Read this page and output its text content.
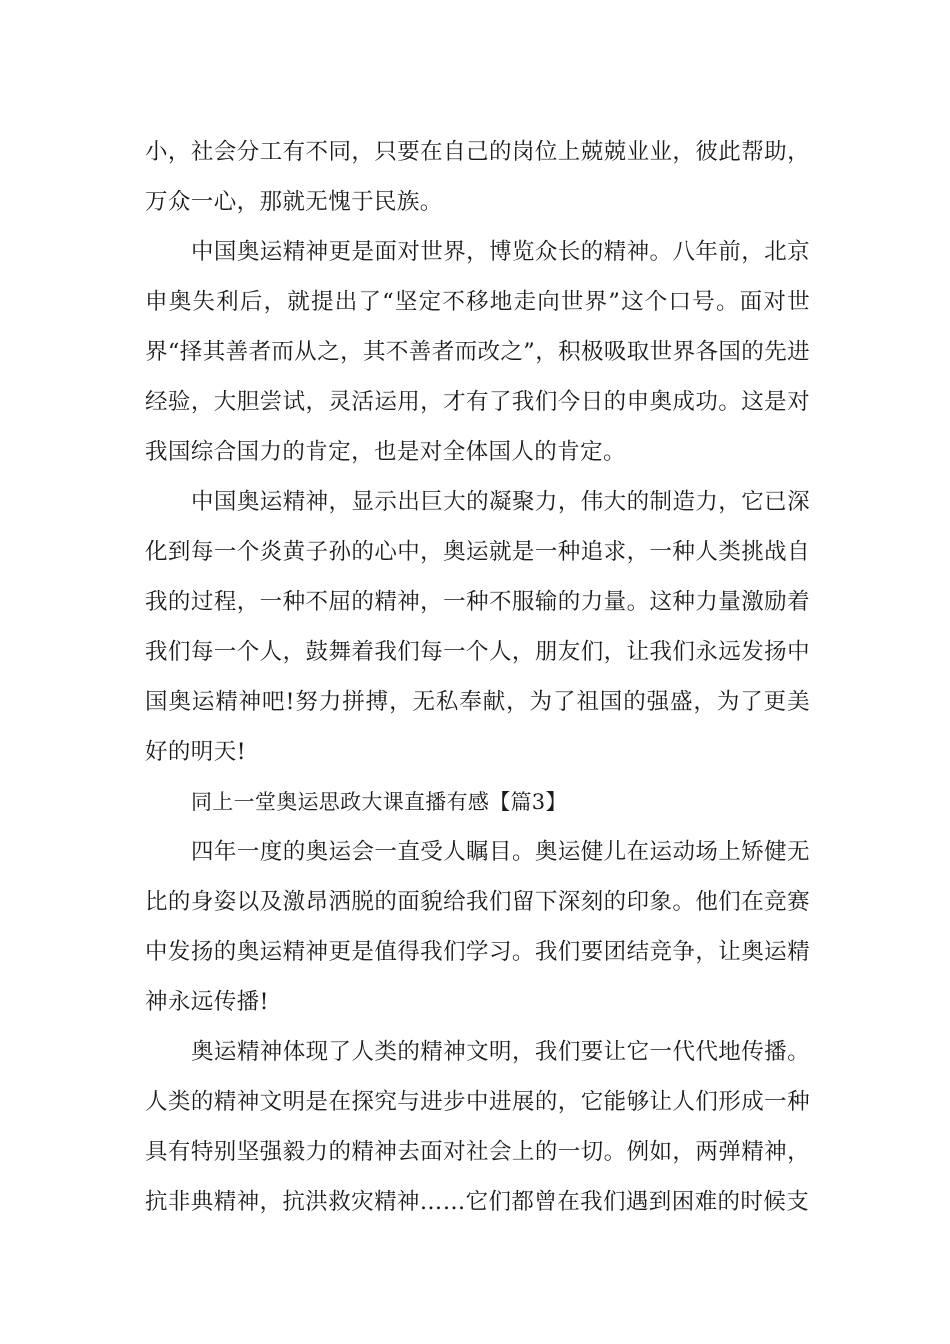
小，社会分工有不同，只要在自己的岗位上兢兢业业，彼此帮助，万众一心，那就无愧于民族。

中国奥运精神更是面对世界，博览众长的精神。八年前，北京申奥失利后，就提出了“坚定不移地走向世界”这个口号。面对世界“择其善者而从之，其不善者而改之”，积极吸取世界各国的先进经验，大胆尝试，灵活运用，才有了我们今日的申奥成功。这是对我国综合国力的肯定，也是对全体国人的肯定。

中国奥运精神，显示出巨大的凝聚力，伟大的制造力，它已深化到每一个炎黄子孙的心中，奥运就是一种追求，一种人类挑战自我的过程，一种不屈的精神，一种不服输的力量。这种力量激励着我们每一个人，鼓舞着我们每一个人，朋友们，让我们永远发扬中国奥运精神吧!努力拼搏，无私奉献，为了祖国的强盛，为了更美好的明天!

同上一堂奥运思政大课直播有感【篇3】

四年一度的奥运会一直受人瞩目。奥运健儿在运动场上矫健无比的身姿以及激昂洒脱的面貌给我们留下深刻的印象。他们在竞赛中发扬的奥运精神更是值得我们学习。我们要团结竞争，让奥运精神永远传播!

奥运精神体现了人类的精神文明，我们要让它一代代地传播。人类的精神文明是在探究与进步中进展的，它能够让人们形成一种具有特别坚强毅力的精神去面对社会上的一切。例如，两弹精神，抗非典精神，抗洪救灾精神……它们都曾在我们遇到困难的时候支
